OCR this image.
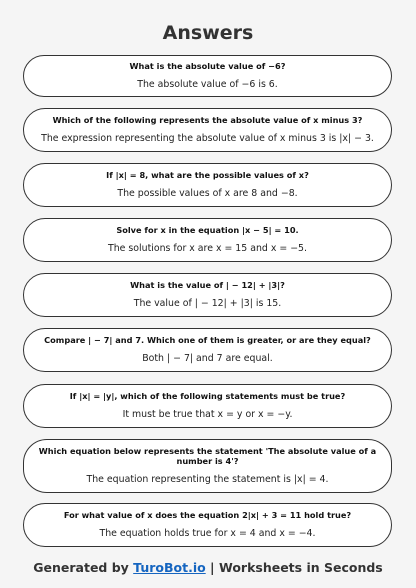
Answers
What is the absolute value of −6?
The absolute value of −6 is 6.
Which of the following represents the absolute value of x minus 3?
The expression representing the absolute value of x minus 3 is |x| − 3.
If |x| = 8, what are the possible values of x?
The possible values of x are 8 and −8.
Solve for x in the equation |x − 5| = 10.
The solutions for x are x = 15 and x = −5.
What is the value of | − 12| + |3|?
The value of | − 12| + |3| is 15.
Compare | − 7| and 7. Which one of them is greater, or are they equal?
Both | − 7| and 7 are equal.
If |x| = |y|, which of the following statements must be true?
It must be true that x = y or x = −y.
Which equation below represents the statement 'The absolute value of a number is 4'?
The equation representing the statement is |x| = 4.
For what value of x does the equation 2|x| + 3 = 11 hold true?
The equation holds true for x = 4 and x = −4.
Generated by TuroBot.io | Worksheets in Seconds
